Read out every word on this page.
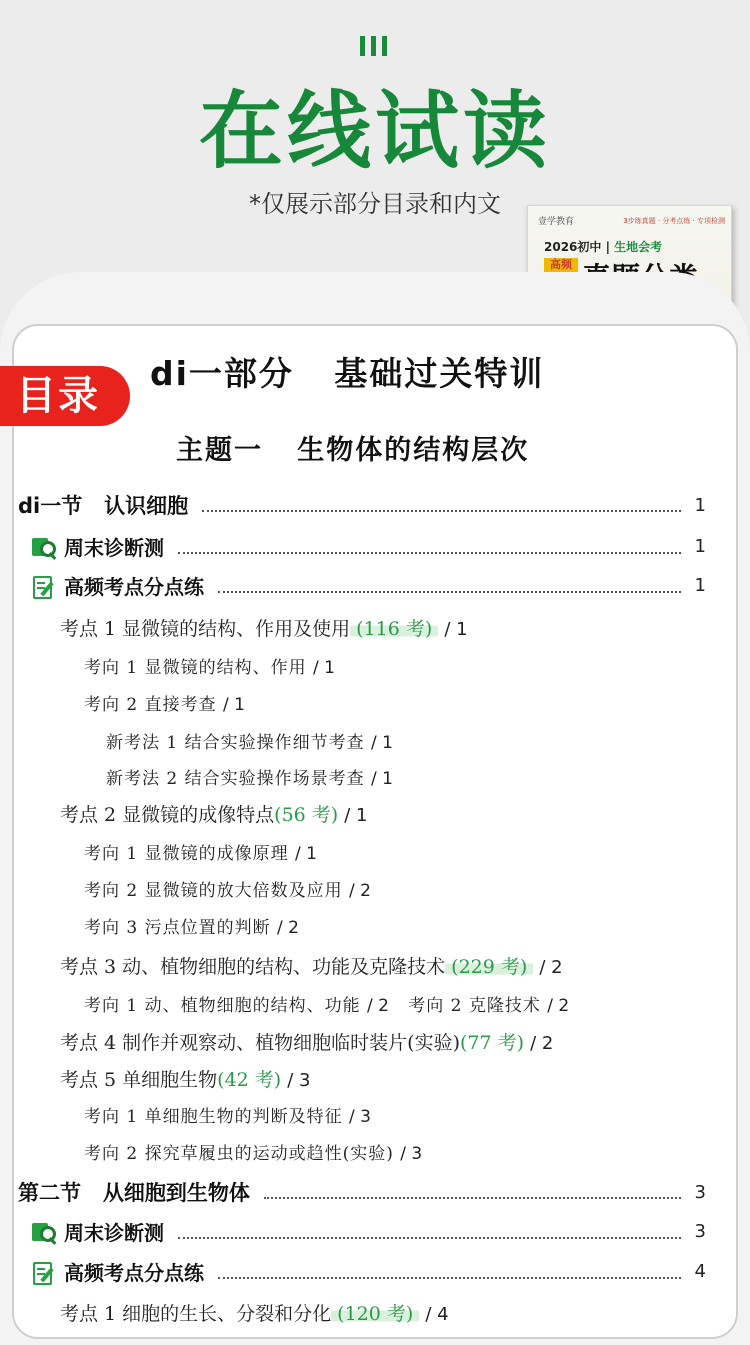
在线试读
*仅展示部分目录和内文
壹学教育	3步练真题 · 分考点练 · 专项检测
2026初中 | 生地会考
高频
目录	di一部分   基础过关特训
主题一   生物体的结构层次
di一节   认识细胞	1
周末诊断测	1
高频考点分点练	1
考点 1 显微镜的结构、作用及使用 (116 考) / 1
考向 1 显微镜的结构、作用 / 1
考向 2 直接考查 / 1
新考法 1 结合实验操作细节考查 / 1
新考法 2 结合实验操作场景考查 / 1
考点 2 显微镜的成像特点(56 考) / 1
考向 1 显微镜的成像原理 / 1
考向 2 显微镜的放大倍数及应用 / 2
考向 3 污点位置的判断 / 2
考点 3 动、植物细胞的结构、功能及克隆技术 (229 考) / 2
考向 1 动、植物细胞的结构、功能 / 2 考向 2 克隆技术 / 2
考点 4 制作并观察动、植物细胞临时装片(实验)(77 考) / 2
考点 5 单细胞生物(42 考) / 3
考向 1 单细胞生物的判断及特征 / 3
考向 2 探究草履虫的运动或趋性(实验) / 3
第二节   从细胞到生物体	3
周末诊断测	3
高频考点分点练	4
考点 1 细胞的生长、分裂和分化 (120 考) / 4
